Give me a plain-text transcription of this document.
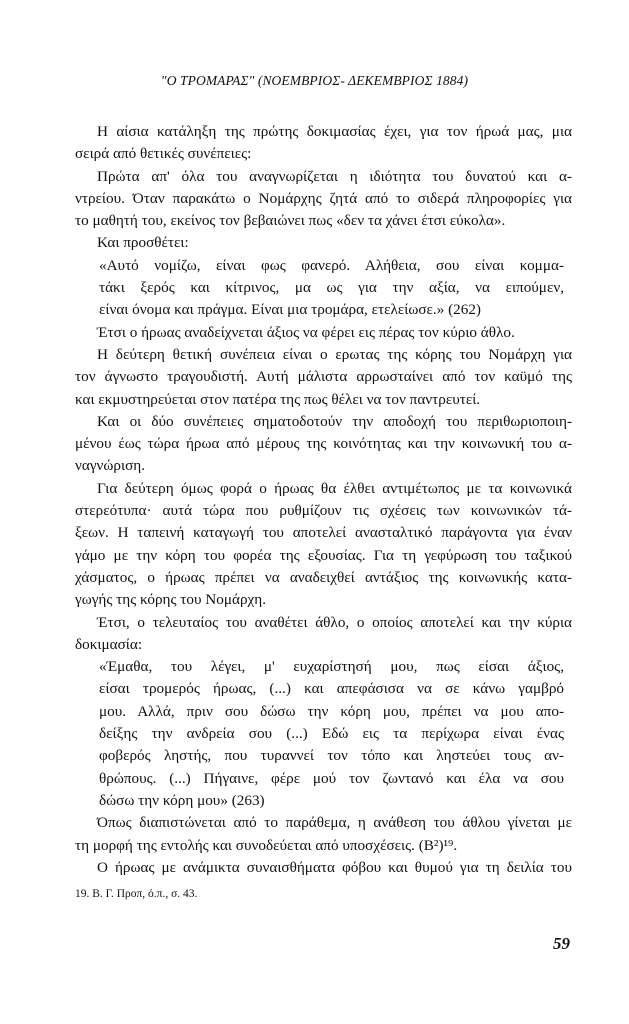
"Ο ΤΡΟΜΑΡΑΣ" (ΝΟΕΜΒΡΙΟΣ- ΔΕΚΕΜΒΡΙΟΣ 1884)

Η αίσια κατάληξη της πρώτης δοκιμασίας έχει, για τον ήρωά μας, μια
σειρά από θετικές συνέπειες:

Πρώτα απ' όλα του αναγνωρίζεται η ιδιότητα του δυνατού και α-
ντρείου. Όταν παρακάτω ο Νομάρχης ζητά από το σιδερά πληροφορίες για
το μαθητή του, εκείνος τον βεβαιώνει πως «δεν τα χάνει έτσι εύκολα».

Και προσθέτει:

«Αυτό νομίζω, είναι φως φανερό. Αλήθεια, σου είναι κομμα-
τάκι ξερός και κίτρινος, μα ως για την αξία, να ειπούμεν,
είναι όνομα και πράγμα. Είναι μια τρομάρα, ετελείωσε.» (262)

Έτσι ο ήρωας αναδείχνεται άξιος να φέρει εις πέρας τον κύριο άθλο.

Η δεύτερη θετική συνέπεια είναι ο ερωτας της κόρης του Νομάρχη για
τον άγνωστο τραγουδιστή. Αυτή μάλιστα αρρωσταίνει από τον καϋμό της
και εκμυστηρεύεται στον πατέρα της πως θέλει να τον παντρευτεί.

Και οι δύο συνέπειες σηματοδοτούν την αποδοχή του περιθωριοποιη-
μένου έως τώρα ήρωα από μέρους της κοινότητας και την κοινωνική του α-
ναγνώριση.

Για δεύτερη όμως φορά ο ήρωας θα έλθει αντιμέτωπος με τα κοινωνικά
στερεότυπα· αυτά τώρα που ρυθμίζουν τις σχέσεις των κοινωνικών τά-
ξεων. Η ταπεινή καταγωγή του αποτελεί ανασταλτικό παράγοντα για έναν
γάμο με την κόρη του φορέα της εξουσίας. Για τη γεφύρωση του ταξικού
χάσματος, ο ήρωας πρέπει να αναδειχθεί αντάξιος της κοινωνικής κατα-
γωγής της κόρης του Νομάρχη.

Έτσι, ο τελευταίος του αναθέτει άθλο, ο οποίος αποτελεί και την κύρια
δοκιμασία:

«Έμαθα, του λέγει, μ' ευχαρίστησή μου, πως είσαι άξιος,
είσαι τρομερός ήρωας, (...) και απεφάσισα να σε κάνω γαμβρό
μου. Αλλά, πριν σου δώσω την κόρη μου, πρέπει να μου απο-
δείξης την ανδρεία σου (...) Εδώ εις τα περίχωρα είναι ένας
φοβερός ληστής, που τυραννεί τον τόπο και ληστεύει τους αν-
θρώπους. (...) Πήγαινε, φέρε μού τον ζωντανό και έλα να σου
δώσω την κόρη μου» (263)

Όπως διαπιστώνεται από το παράθεμα, η ανάθεση του άθλου γίνεται με
τη μορφή της εντολής και συνοδεύεται από υποσχέσεις. (Β²)¹⁹.

Ο ήρωας με ανάμικτα συναισθήματα φόβου και θυμού για τη δειλία του

19. Β. Γ. Προπ, ό.π., σ. 43.
59
